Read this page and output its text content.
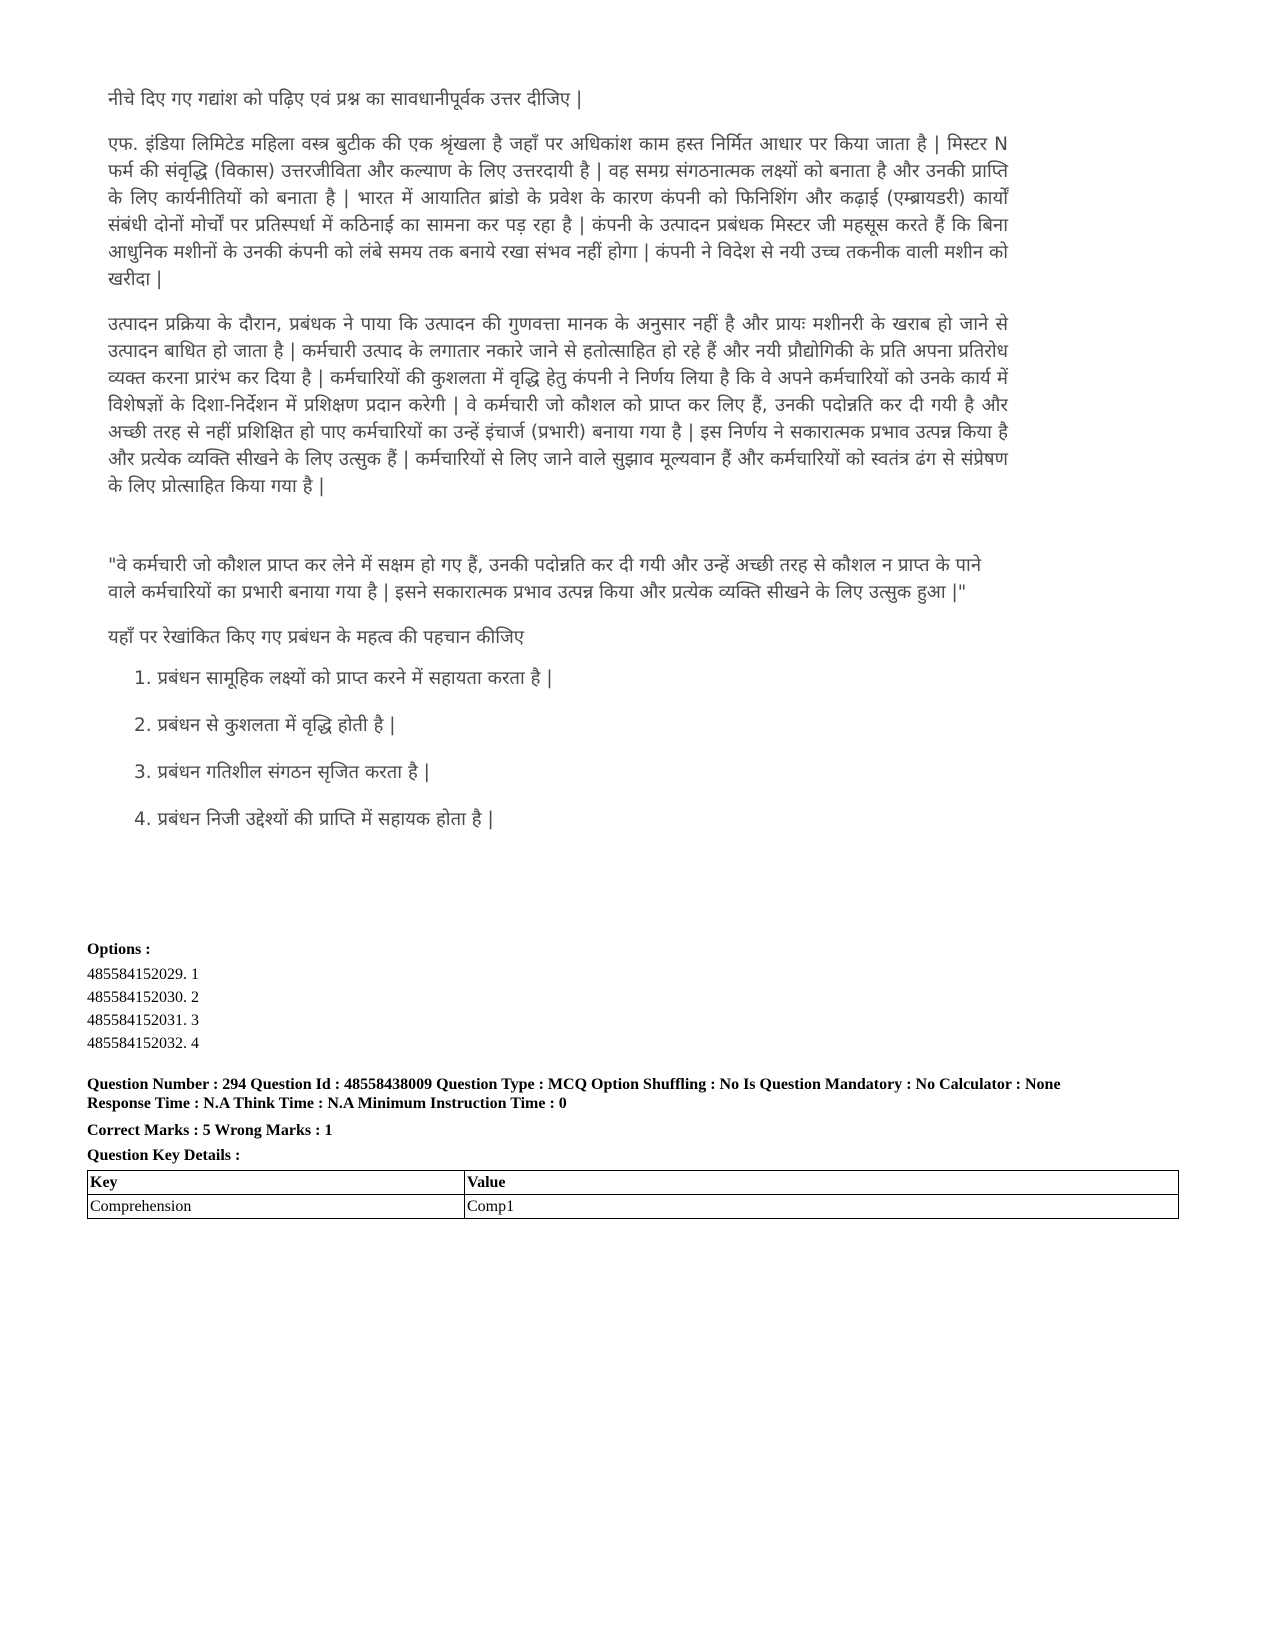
नीचे दिए गए गद्यांश को पढ़िए एवं प्रश्न का सावधानीपूर्वक उत्तर दीजिए |

एफ. इंडिया लिमिटेड महिला वस्त्र बुटीक की एक श्रृंखला है जहाँ पर अधिकांश काम हस्त निर्मित आधार पर किया जाता है | मिस्टर N फर्म की संवृद्धि (विकास) उत्तरजीविता और कल्याण के लिए उत्तरदायी है | वह समग्र संगठनात्मक लक्ष्यों को बनाता है और उनकी प्राप्ति के लिए कार्यनीतियों को बनाता है | भारत में आयातित ब्रांडो के प्रवेश के कारण कंपनी को फिनिशिंग और कढ़ाई (एम्ब्रायडरी) कार्यों संबंधी दोनों मोर्चों पर प्रतिस्पर्धा में कठिनाई का सामना कर पड़ रहा है | कंपनी के उत्पादन प्रबंधक मिस्टर जी महसूस करते हैं कि बिना आधुनिक मशीनों के उनकी कंपनी को लंबे समय तक बनाये रखा संभव नहीं होगा | कंपनी ने विदेश से नयी उच्च तकनीक वाली मशीन को खरीदा |

उत्पादन प्रक्रिया के दौरान, प्रबंधक ने पाया कि उत्पादन की गुणवत्ता मानक के अनुसार नहीं है और प्रायः मशीनरी के खराब हो जाने से उत्पादन बाधित हो जाता है | कर्मचारी उत्पाद के लगातार नकारे जाने से हतोत्साहित हो रहे हैं और नयी प्रौद्योगिकी के प्रति अपना प्रतिरोध व्यक्त करना प्रारंभ कर दिया है | कर्मचारियों की कुशलता में वृद्धि हेतु कंपनी ने निर्णय लिया है कि वे अपने कर्मचारियों को उनके कार्य में विशेषज्ञों के दिशा-निर्देशन में प्रशिक्षण प्रदान करेगी | वे कर्मचारी जो कौशल को प्राप्त कर लिए हैं, उनकी पदोन्नति कर दी गयी है और अच्छी तरह से नहीं प्रशिक्षित हो पाए कर्मचारियों का उन्हें इंचार्ज (प्रभारी) बनाया गया है | इस निर्णय ने सकारात्मक प्रभाव उत्पन्न किया है और प्रत्येक व्यक्ति सीखने के लिए उत्सुक हैं | कर्मचारियों से लिए जाने वाले सुझाव मूल्यवान हैं और कर्मचारियों को स्वतंत्र ढंग से संप्रेषण के लिए प्रोत्साहित किया गया है |

"वे कर्मचारी जो कौशल प्राप्त कर लेने में सक्षम हो गए हैं, उनकी पदोन्नति कर दी गयी और उन्हें अच्छी तरह से कौशल न प्राप्त के पाने वाले कर्मचारियों का प्रभारी बनाया गया है | इसने सकारात्मक प्रभाव उत्पन्न किया और प्रत्येक व्यक्ति सीखने के लिए उत्सुक हुआ |"

यहाँ पर रेखांकित किए गए प्रबंधन के महत्व की पहचान कीजिए

1. प्रबंधन सामूहिक लक्ष्यों को प्राप्त करने में सहायता करता है |
2. प्रबंधन से कुशलता में वृद्धि होती है |
3. प्रबंधन गतिशील संगठन सृजित करता है |
4. प्रबंधन निजी उद्देश्यों की प्राप्ति में सहायक होता है |
Options :
485584152029. 1
485584152030. 2
485584152031. 3
485584152032. 4
Question Number : 294 Question Id : 48558438009 Question Type : MCQ Option Shuffling : No Is Question Mandatory : No Calculator : None
Response Time : N.A Think Time : N.A Minimum Instruction Time : 0
Correct Marks : 5 Wrong Marks : 1
Question Key Details :
Key	Value
Comprehension	Comp1
